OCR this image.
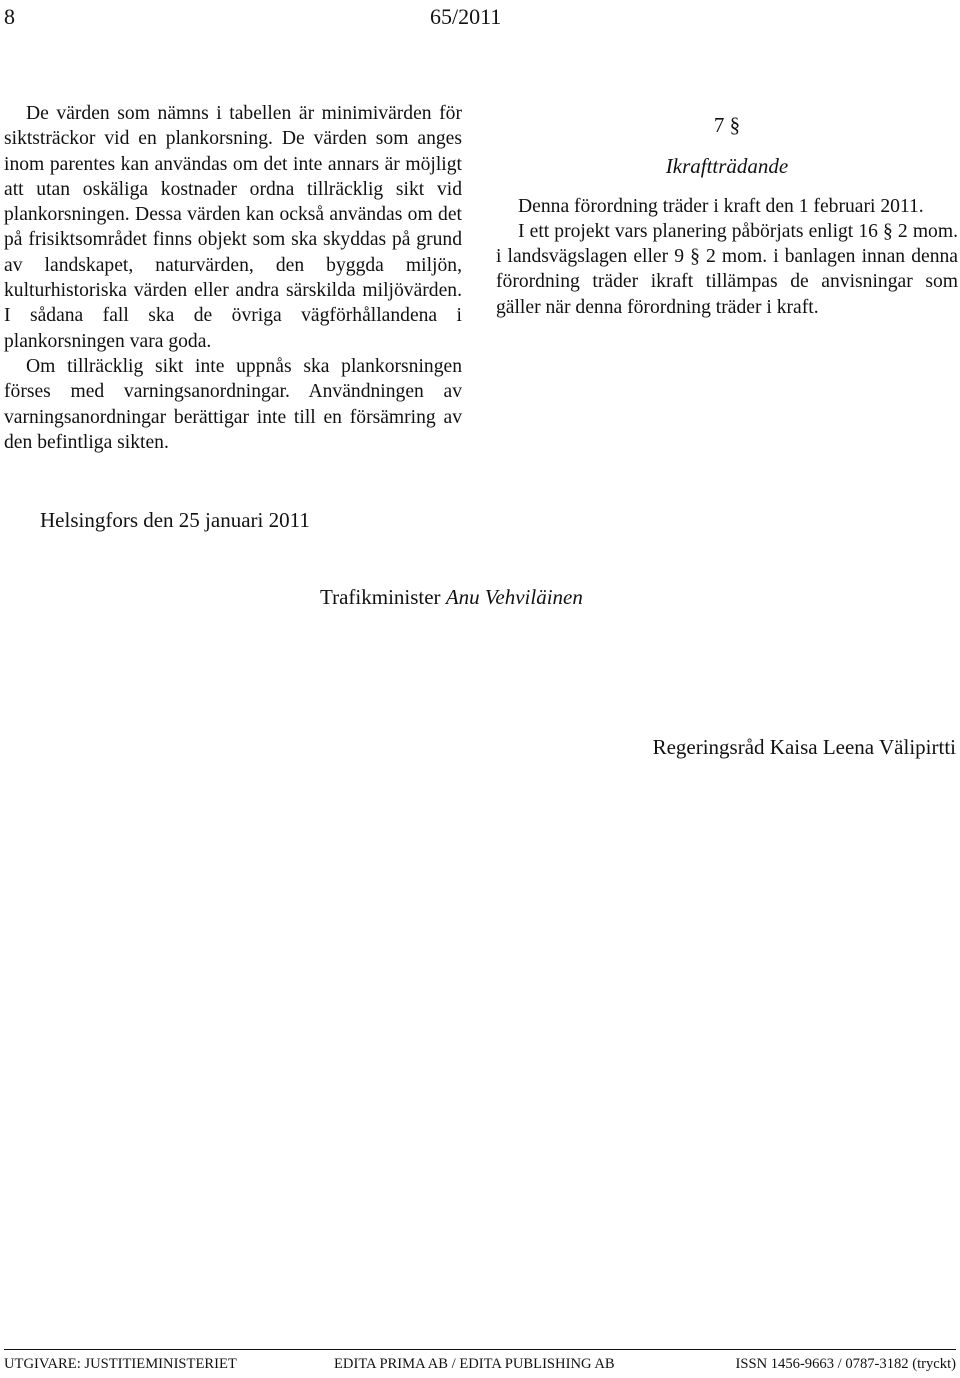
8	65/2011

De värden som nämns i tabellen är minimivärden för siktsträckor vid en plankorsning. De värden som anges inom parentes kan användas om det inte annars är möjligt att utan oskäliga kostnader ordna tillräcklig sikt vid plankorsningen. Dessa värden kan också användas om det på frisiktsområdet finns objekt som ska skyddas på grund av landskapet, naturvärden, den byggda miljön, kulturhistoriska värden eller andra särskilda miljövärden. I sådana fall ska de övriga vägförhållandena i plankorsningen vara goda.

Om tillräcklig sikt inte uppnås ska plankorsningen förses med varningsanordningar. Användningen av varningsanordningar berättigar inte till en försämring av den befintliga sikten.

7 §

Ikraftträdande

Denna förordning träder i kraft den 1 februari 2011.

I ett projekt vars planering påbörjats enligt 16 § 2 mom. i landsvägslagen eller 9 § 2 mom. i banlagen innan denna förordning träder ikraft tillämpas de anvisningar som gäller när denna förordning träder i kraft.

Helsingfors den 25 januari 2011
Trafikminister Anu Vehviläinen
Regeringsråd Kaisa Leena Välipirtti
UTGIVARE: JUSTITIEMINISTERIET	EDITA PRIMA AB / EDITA PUBLISHING AB	ISSN 1456-9663 / 0787-3182 (tryckt)
